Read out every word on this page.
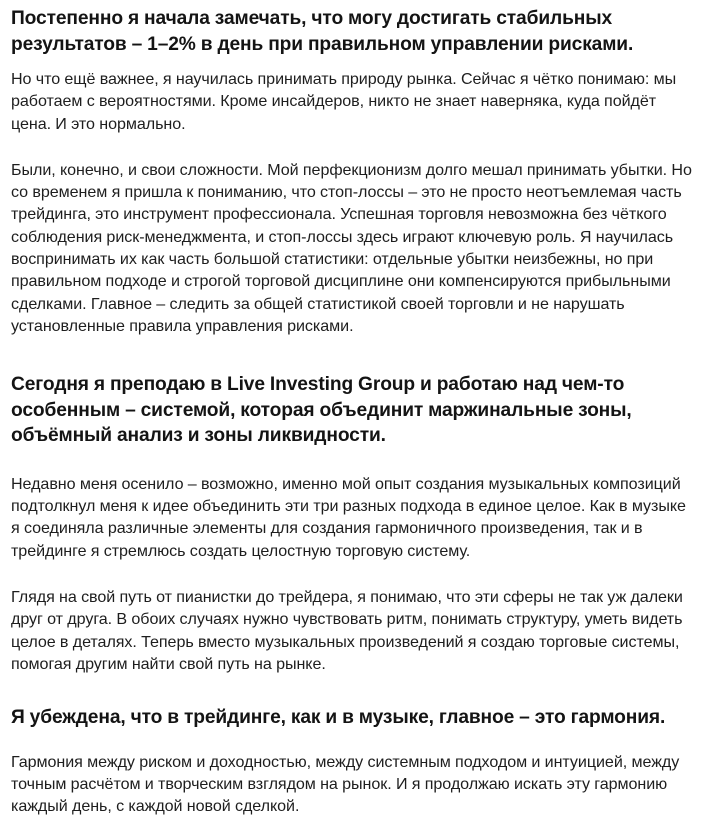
Постепенно я начала замечать, что могу достигать стабильных результатов – 1–2% в день при правильном управлении рисками.

Но что ещё важнее, я научилась принимать природу рынка. Сейчас я чётко понимаю: мы работаем с вероятностями. Кроме инсайдеров, никто не знает наверняка, куда пойдёт цена. И это нормально.

Были, конечно, и свои сложности. Мой перфекционизм долго мешал принимать убытки. Но со временем я пришла к пониманию, что стоп-лоссы – это не просто неотъемлемая часть трейдинга, это инструмент профессионала. Успешная торговля невозможна без чёткого соблюдения риск-менеджмента, и стоп-лоссы здесь играют ключевую роль. Я научилась воспринимать их как часть большой статистики: отдельные убытки неизбежны, но при правильном подходе и строгой торговой дисциплине они компенсируются прибыльными сделками. Главное – следить за общей статистикой своей торговли и не нарушать установленные правила управления рисками.

Сегодня я преподаю в Live Investing Group и работаю над чем-то особенным – системой, которая объединит маржинальные зоны, объёмный анализ и зоны ликвидности.

Недавно меня осенило – возможно, именно мой опыт создания музыкальных композиций подтолкнул меня к идее объединить эти три разных подхода в единое целое. Как в музыке я соединяла различные элементы для создания гармоничного произведения, так и в трейдинге я стремлюсь создать целостную торговую систему.

Глядя на свой путь от пианистки до трейдера, я понимаю, что эти сферы не так уж далеки друг от друга. В обоих случаях нужно чувствовать ритм, понимать структуру, уметь видеть целое в деталях. Теперь вместо музыкальных произведений я создаю торговые системы, помогая другим найти свой путь на рынке.

Я убеждена, что в трейдинге, как и в музыке, главное – это гармония.

Гармония между риском и доходностью, между системным подходом и интуицией, между точным расчётом и творческим взглядом на рынок. И я продолжаю искать эту гармонию каждый день, с каждой новой сделкой.
